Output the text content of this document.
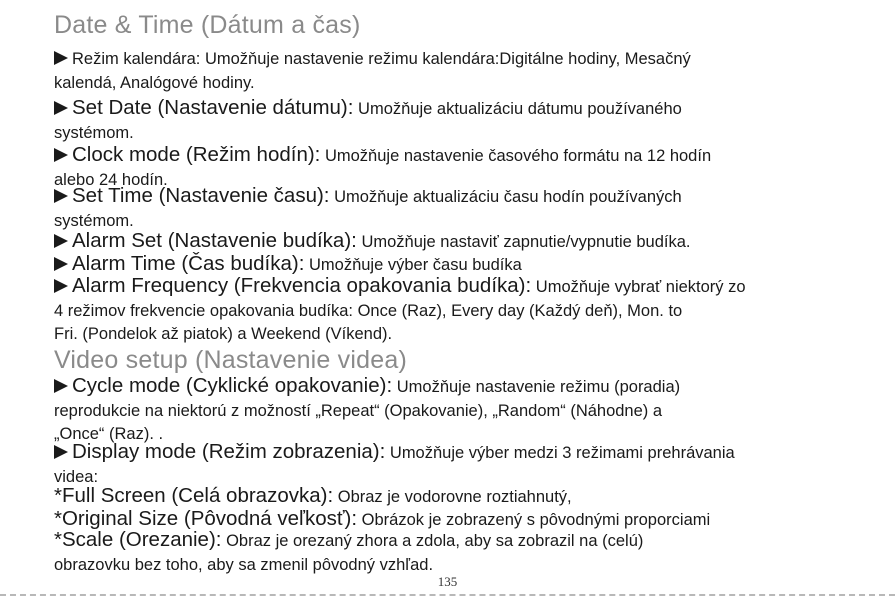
Date & Time (Dátum a čas)
Režim kalendára: Umožňuje nastavenie režimu kalendára:Digitálne hodiny, Mesačný
kalendá, Analógové hodiny.
Set Date (Nastavenie dátumu): Umožňuje aktualizáciu dátumu používaného
systémom.
Clock mode (Režim hodín): Umožňuje nastavenie časového formátu na 12 hodín
alebo 24 hodín.
Set Time (Nastavenie času): Umožňuje aktualizáciu času hodín používaných
systémom.
Alarm Set (Nastavenie budíka): Umožňuje nastaviť zapnutie/vypnutie budíka.
Alarm Time (Čas budíka): Umožňuje výber času budíka
Alarm Frequency (Frekvencia opakovania budíka): Umožňuje vybrať niektorý zo
4 režimov frekvencie opakovania budíka: Once (Raz), Every day (Každý deň), Mon. to
Fri. (Pondelok až piatok) a Weekend (Víkend).
Video setup (Nastavenie videa)
Cycle mode (Cyklické opakovanie): Umožňuje nastavenie režimu (poradia)
reprodukcie na niektorú z možností „Repeat“ (Opakovanie), „Random“ (Náhodne) a
„Once“ (Raz). .
Display mode (Režim zobrazenia): Umožňuje výber medzi 3 režimami prehrávania
videa:
*Full Screen (Celá obrazovka): Obraz je vodorovne roztiahnutý,
*Original Size (Pôvodná veľkosť): Obrázok je zobrazený s pôvodnými proporciami
*Scale (Orezanie): Obraz je orezaný zhora a zdola, aby sa zobrazil na (celú)
obrazovku bez toho, aby sa zmenil pôvodný vzhľad.
135
